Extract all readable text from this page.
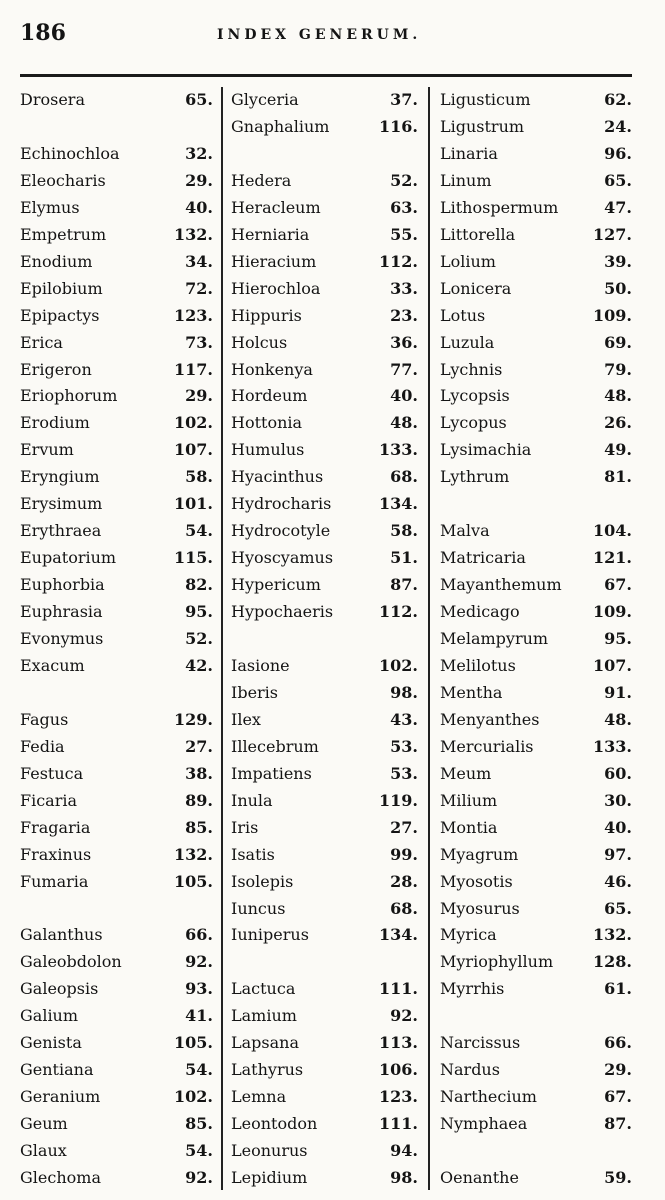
186	INDEX GENERUM.
Drosera	65.
Echinochloa	32.
Eleocharis	29.
Elymus	40.
Empetrum	132.
Enodium	34.
Epilobium	72.
Epipactys	123.
Erica	73.
Erigeron	117.
Eriophorum	29.
Erodium	102.
Ervum	107.
Eryngium	58.
Erysimum	101.
Erythraea	54.
Eupatorium	115.
Euphorbia	82.
Euphrasia	95.
Evonymus	52.
Exacum	42.
Fagus	129.
Fedia	27.
Festuca	38.
Ficaria	89.
Fragaria	85.
Fraxinus	132.
Fumaria	105.
Galanthus	66.
Galeobdolon	92.
Galeopsis	93.
Galium	41.
Genista	105.
Gentiana	54.
Geranium	102.
Geum	85.
Glaux	54.
Glechoma	92.
Glyceria	37.
Gnaphalium	116.
Hedera	52.
Heracleum	63.
Herniaria	55.
Hieracium	112.
Hierochloa	33.
Hippuris	23.
Holcus	36.
Honkenya	77.
Hordeum	40.
Hottonia	48.
Humulus	133.
Hyacinthus	68.
Hydrocharis	134.
Hydrocotyle	58.
Hyoscyamus	51.
Hypericum	87.
Hypochaeris	112.
Iasione	102.
Iberis	98.
Ilex	43.
Illecebrum	53.
Impatiens	53.
Inula	119.
Iris	27.
Isatis	99.
Isolepis	28.
Iuncus	68.
Iuniperus	134.
Lactuca	111.
Lamium	92.
Lapsana	113.
Lathyrus	106.
Lemna	123.
Leontodon	111.
Leonurus	94.
Lepidium	98.
Ligusticum	62.
Ligustrum	24.
Linaria	96.
Linum	65.
Lithospermum	47.
Littorella	127.
Lolium	39.
Lonicera	50.
Lotus	109.
Luzula	69.
Lychnis	79.
Lycopsis	48.
Lycopus	26.
Lysimachia	49.
Lythrum	81.
Malva	104.
Matricaria	121.
Mayanthemum	67.
Medicago	109.
Melampyrum	95.
Melilotus	107.
Mentha	91.
Menyanthes	48.
Mercurialis	133.
Meum	60.
Milium	30.
Montia	40.
Myagrum	97.
Myosotis	46.
Myosurus	65.
Myrica	132.
Myriophyllum 128.
Myrrhis	61.
Narcissus	66.
Nardus	29.
Narthecium	67.
Nymphaea	87.
Oenanthe	59.
